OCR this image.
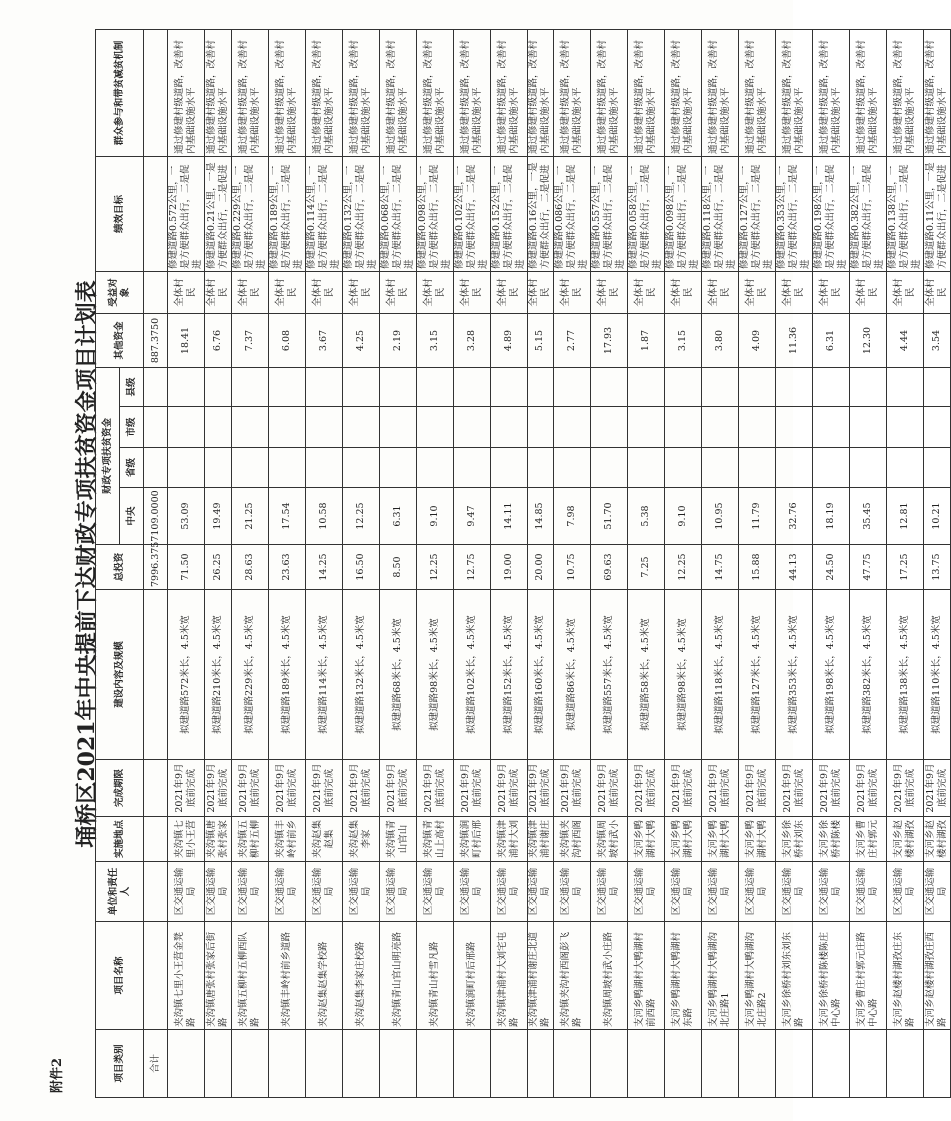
附件2
埇桥区2021年中央提前下达财政专项扶贫资金项目计划表
项目类别	项目名称	单位和责任人	实施地点	完成期限	建设内容及规模	总投资	财政专项扶贫资金				其他资金	受益对象	绩效目标	群众参与和带贫减贫机制
							中央	省级	市级	县级				
合计						7996.375	7109.0000				887.3750			
	夹沟镇七里小王营金凳路	区交通运输局	夹沟镇七里小王营	2021年9月底前完成	拟建道路572米长，4.5米宽	71.50	53.09				18.41	全体村民	修建道路0.572公里，一是方便群众出行，二是促进	通过修建村级道路，改善村内基础设施水平
	夹沟镇唐张村张家后街路	区交通运输局	夹沟镇唐张村张家	2021年9月底前完成	拟建道路210米长，4.5米宽	26.25	19.49				6.76	全体村民	修建道路0.21公里，一是方便群众出行，二是促进	通过修建村级道路，改善村内基础设施水平
	夹沟镇五柳村五柳西队路	区交通运输局	夹沟镇五柳村五柳	2021年9月底前完成	拟建道路229米长，4.5米宽	28.63	21.25				7.37	全体村民	修建道路0.229公里，一是方便群众出行，二是促进	通过修建村级道路，改善村内基础设施水平
	夹沟镇丰岭村前乡道路	区交通运输局	夹沟镇丰岭村前乡	2021年9月底前完成	拟建道路189米长，4.5米宽	23.63	17.54				6.08	全体村民	修建道路0.189公里，一是方便群众出行，二是促进	通过修建村级道路，改善村内基础设施水平
	夹沟赵集赵集学校路	区交通运输局	夹沟赵集赵集	2021年9月底前完成	拟建道路114米长，4.5米宽	14.25	10.58				3.67	全体村民	修建道路0.114公里，一是方便群众出行，二是促进	通过修建村级道路，改善村内基础设施水平
	夹沟赵集李家庄校路	区交通运输局	夹沟赵集李家	2021年9月底前完成	拟建道路132米长，4.5米宽	16.50	12.25				4.25	全体村民	修建道路0.132公里，一是方便群众出行，二是促进	通过修建村级道路，改善村内基础设施水平
	夹沟镇青山官山明亮路	区交通运输局	夹沟镇青山官山	2021年9月底前完成	拟建道路68米长，4.5米宽	8.50	6.31				2.19	全体村民	修建道路0.068公里，一是方便群众出行，二是促进	通过修建村级道路，改善村内基础设施水平
	夹沟镇青山村雪凡路	区交通运输局	夹沟镇青山上高村	2021年9月底前完成	拟建道路98米长，4.5米宽	12.25	9.10				3.15	全体村民	修建道路0.098公里，一是方便群众出行，二是促进	通过修建村级道路，改善村内基础设施水平
	夹沟镇涧町村后邢路	区交通运输局	夹沟镇涧町村后邢	2021年9月底前完成	拟建道路102米长，4.5米宽	12.75	9.47				3.28	全体村民	修建道路0.102公里，一是方便群众出行，二是促进	通过修建村级道路，改善村内基础设施水平
	夹沟镇津浦村大刘宅屯路	区交通运输局	夹沟镇津浦村大刘	2021年9月底前完成	拟建道路152米长，4.5米宽	19.00	14.11				4.89	全体村民	修建道路0.152公里，一是方便群众出行，二是促进	通过修建村级道路，改善村内基础设施水平
	夹沟镇津浦村谢庄北道路	区交通运输局	夹沟镇津浦村谢庄	2021年9月底前完成	拟建道路160米长，4.5米宽	20.00	14.85				5.15	全体村民	修建道路0.16公里，一是方便群众出行，二是促进	通过修建村级道路，改善村内基础设施水平
	夹沟镇夹沟村西阁彭飞路	区交通运输局	夹沟镇夹沟村西阁	2021年9月底前完成	拟建道路86米长，4.5米宽	10.75	7.98				2.77	全体村民	修建道路0.086公里，一是方便群众出行，二是促进	通过修建村级道路，改善村内基础设施水平
	夹沟镇周坡村武小庄路	区交通运输局	夹沟镇周坡村武小	2021年9月底前完成	拟建道路557米长，4.5米宽	69.63	51.70				17.93	全体村民	修建道路0.557公里，一是方便群众出行，二是促进	通过修建村级道路，改善村内基础设施水平
	支河乡鸭湖村大鸭湖村前西路	区交通运输局	支河乡鸭湖村大鸭	2021年9月底前完成	拟建道路58米长，4.5米宽	7.25	5.38				1.87	全体村民	修建道路0.058公里，一是方便群众出行，二是促进	通过修建村级道路，改善村内基础设施水平
	支河乡鸭湖村大鸭湖村东路	区交通运输局	支河乡鸭湖村大鸭	2021年9月底前完成	拟建道路98米长，4.5米宽	12.25	9.10				3.15	全体村民	修建道路0.098公里，一是方便群众出行，二是促进	通过修建村级道路，改善村内基础设施水平
	支河乡鸭湖村大鸭湖沟北庄路1	区交通运输局	支河乡鸭湖村大鸭	2021年9月底前完成	拟建道路118米长，4.5米宽	14.75	10.95				3.80	全体村民	修建道路0.118公里，一是方便群众出行，二是促进	通过修建村级道路，改善村内基础设施水平
	支河乡鸭湖村大鸭湖沟北庄路2	区交通运输局	支河乡鸭湖村大鸭	2021年9月底前完成	拟建道路127米长，4.5米宽	15.88	11.79				4.09	全体村民	修建道路0.127公里，一是方便群众出行，二是促进	通过修建村级道路，改善村内基础设施水平
	支河乡徐桥村刘东刘东路	区交通运输局	支河乡徐桥村刘东	2021年9月底前完成	拟建道路353米长，4.5米宽	44.13	32.76				11.36	全体村民	修建道路0.353公里，一是方便群众出行，二是促进	通过修建村级道路，改善村内基础设施水平
	支河乡徐桥村陈楼陈庄中心路	区交通运输局	支河乡徐桥村陈楼	2021年9月底前完成	拟建道路198米长，4.5米宽	24.50	18.19				6.31	全体村民	修建道路0.198公里，一是方便群众出行，二是促进	通过修建村级道路，改善村内基础设施水平
	支河乡曹庄村郭元庄路中心路	区交通运输局	支河乡曹庄村郭元	2021年9月底前完成	拟建道路382米长，4.5米宽	47.75	35.45				12.30	全体村民	修建道路0.382公里，一是方便群众出行，二是促进	通过修建村级道路，改善村内基础设施水平
	支河乡赵楼村湖孜庄东路	区交通运输局	支河乡赵楼村湖孜	2021年9月底前完成	拟建道路138米长，4.5米宽	17.25	12.81				4.44	全体村民	修建道路0.138公里，一是方便群众出行，二是促进	通过修建村级道路，改善村内基础设施水平
	支河乡赵楼村湖孜庄西路	区交通运输局	支河乡赵楼村湖孜	2021年9月底前完成	拟建道路110米长，4.5米宽	13.75	10.21				3.54	全体村民	修建道路0.11公里，一是方便群众出行，二是促进	通过修建村级道路，改善村内基础设施水平
